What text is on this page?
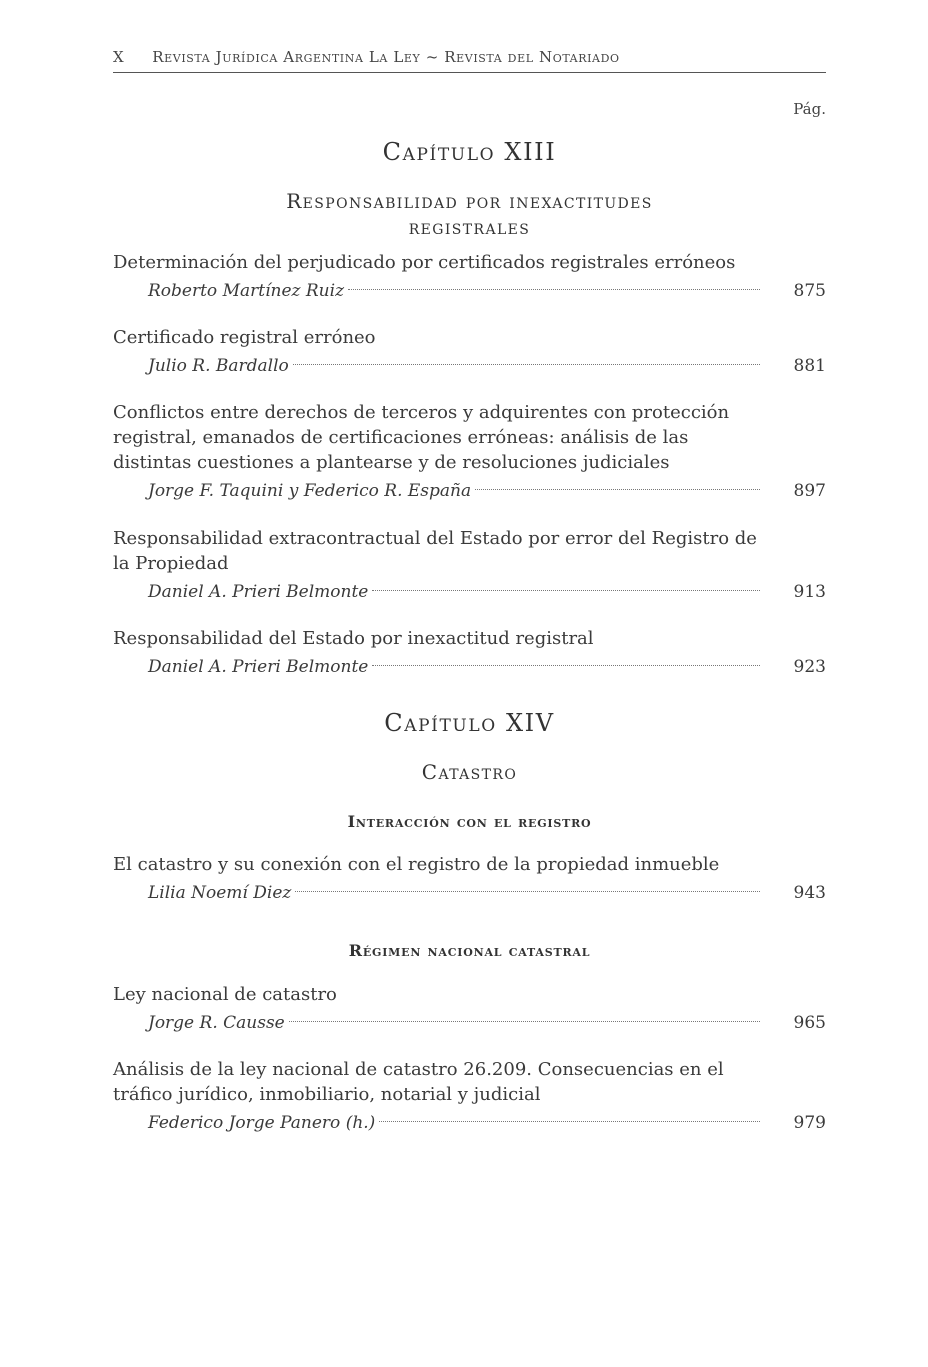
X Revista Jurídica Argentina La Ley ~ Revista del Notariado
Pág.
Capítulo XIII
Responsabilidad por inexactitudes
registrales
Determinación del perjudicado por certificados registrales erróneos
Roberto Martínez Ruiz	875
Certificado registral erróneo
Julio R. Bardallo	881
Conflictos entre derechos de terceros y adquirentes con protección registral, emanados de certificaciones erróneas: análisis de las distintas cuestiones a plantearse y de resoluciones judiciales
Jorge F. Taquini y Federico R. España	897
Responsabilidad extracontractual del Estado por error del Registro de la Propiedad
Daniel A. Prieri Belmonte	913
Responsabilidad del Estado por inexactitud registral
Daniel A. Prieri Belmonte	923
Capítulo XIV
Catastro
Interacción con el registro
El catastro y su conexión con el registro de la propiedad inmueble
Lilia Noemí Diez	943
Régimen nacional catastral
Ley nacional de catastro
Jorge R. Causse	965
Análisis de la ley nacional de catastro 26.209. Consecuencias en el tráfico jurídico, inmobiliario, notarial y judicial
Federico Jorge Panero (h.)	979
